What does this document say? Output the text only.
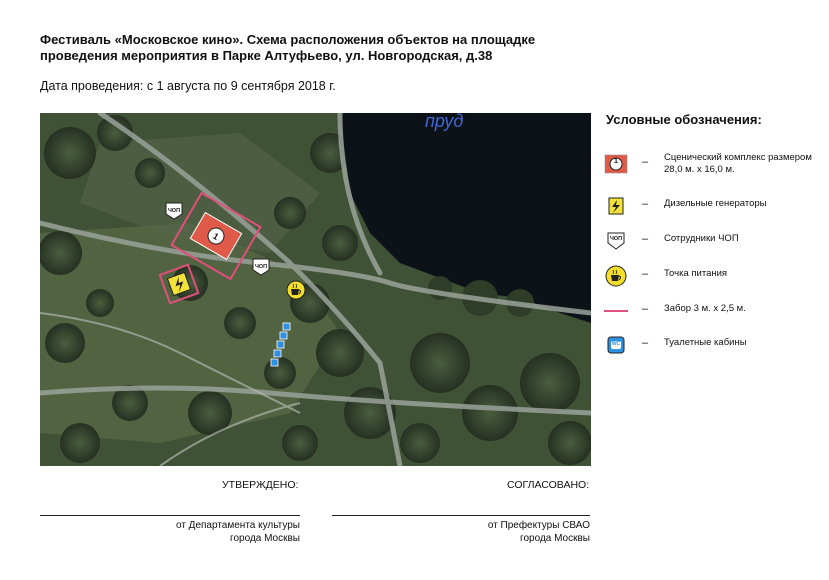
Фестиваль «Московское кино». Схема расположения объектов на площадке проведения мероприятия в Парке Алтуфьево, ул. Новгородская, д.38
Дата проведения: с 1 августа по 9 сентября 2018 г.
пруд
1
ЧОП
ЧОП
Условные обозначения:
1	– Сценический комплекс размером 28,0 м. х 16,0 м.
– Дизельные генераторы
ЧОП	– Сотрудники ЧОП
– Точка питания
– Забор 3 м. х 2,5 м.
WC	– Туалетные кабины
УТВЕРЖДЕНО:	СОГЛАСОВАНО:
от Департамента культуры
города Москвы
от Префектуры СВАО
города Москвы
